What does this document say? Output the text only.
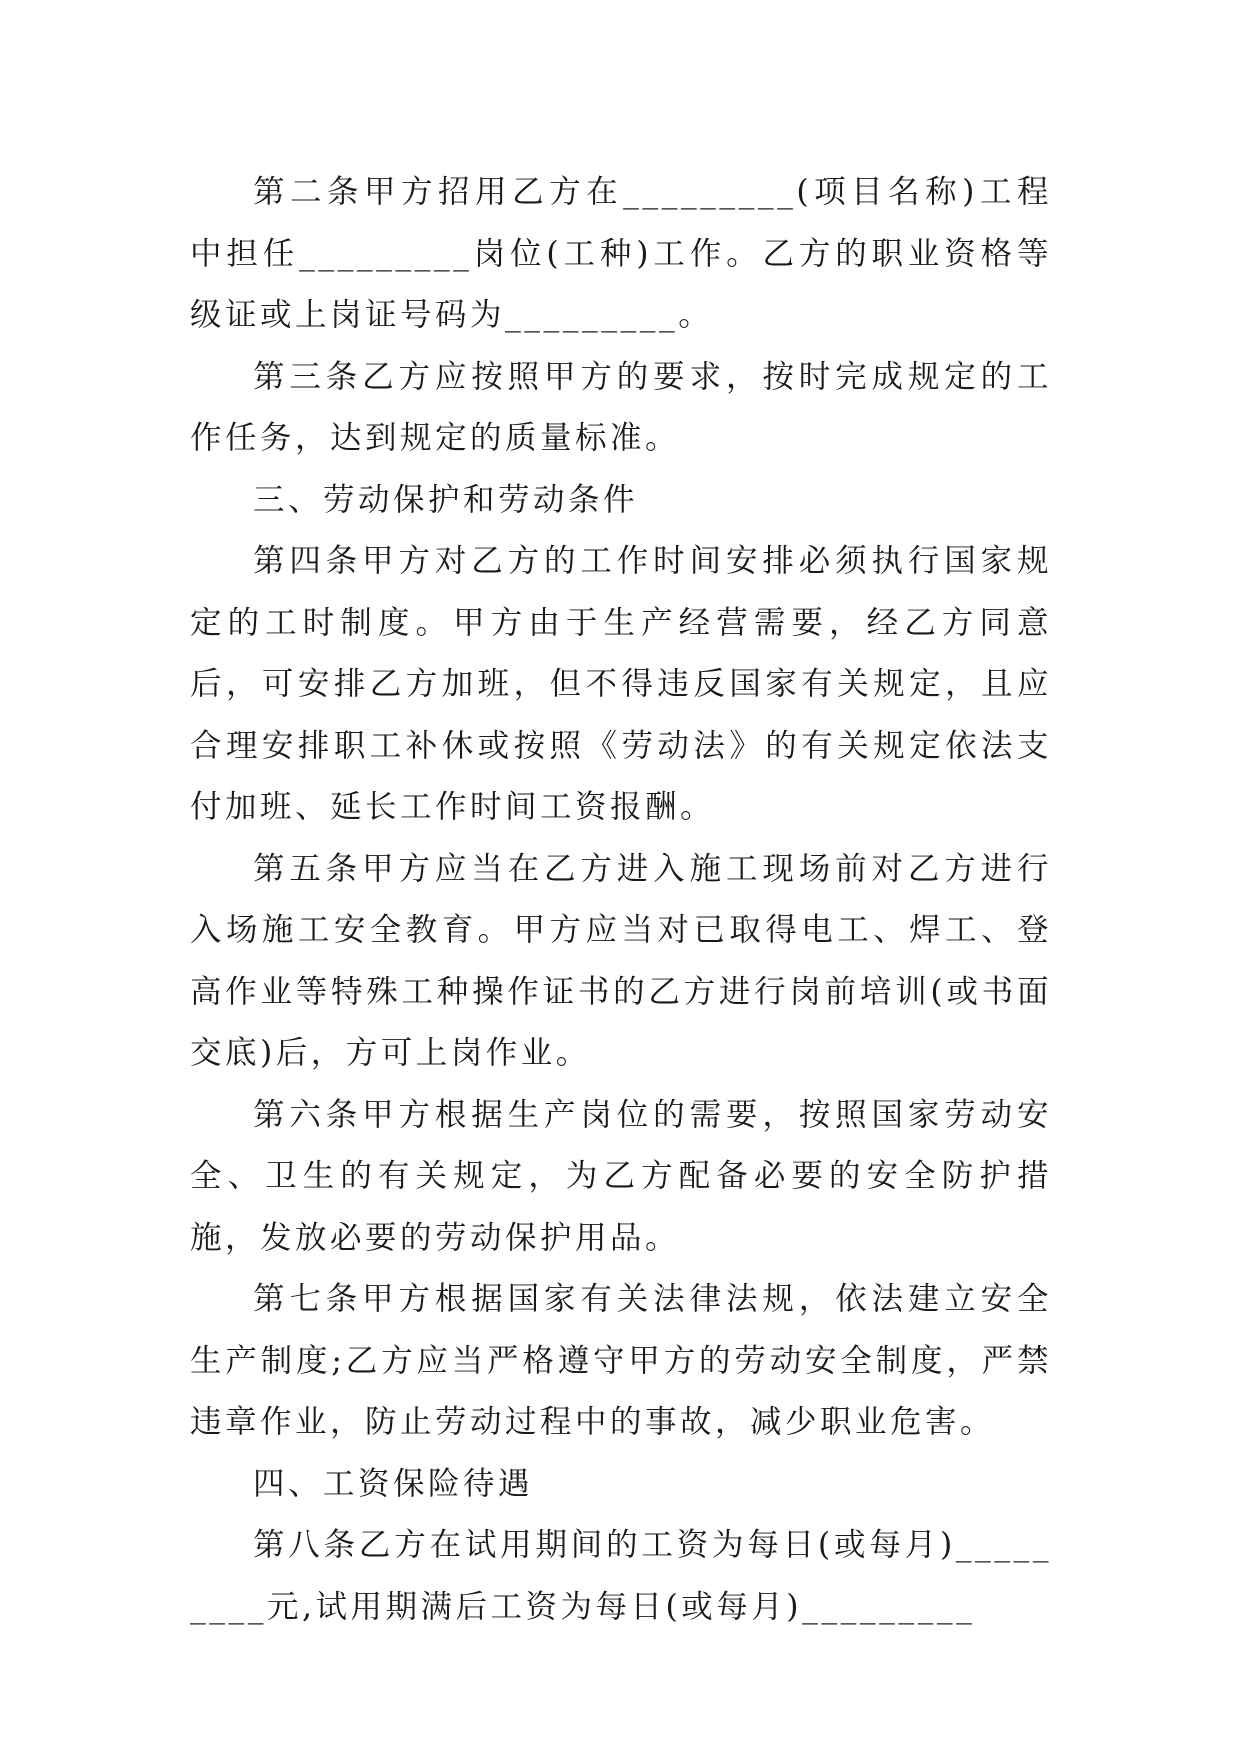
第二条甲方招用乙方在_________(项目名称)工程中担任_________岗位(工种)工作。乙方的职业资格等级证或上岗证号码为_________。

第三条乙方应按照甲方的要求，按时完成规定的工作任务，达到规定的质量标准。

三、劳动保护和劳动条件

第四条甲方对乙方的工作时间安排必须执行国家规定的工时制度。甲方由于生产经营需要，经乙方同意后，可安排乙方加班，但不得违反国家有关规定，且应合理安排职工补休或按照《劳动法》的有关规定依法支付加班、延长工作时间工资报酬。

第五条甲方应当在乙方进入施工现场前对乙方进行入场施工安全教育。甲方应当对已取得电工、焊工、登高作业等特殊工种操作证书的乙方进行岗前培训(或书面交底)后，方可上岗作业。

第六条甲方根据生产岗位的需要，按照国家劳动安全、卫生的有关规定，为乙方配备必要的安全防护措施，发放必要的劳动保护用品。

第七条甲方根据国家有关法律法规，依法建立安全生产制度;乙方应当严格遵守甲方的劳动安全制度，严禁违章作业，防止劳动过程中的事故，减少职业危害。

四、工资保险待遇

第八条乙方在试用期间的工资为每日(或每月)_________元,试用期满后工资为每日(或每月)_________
